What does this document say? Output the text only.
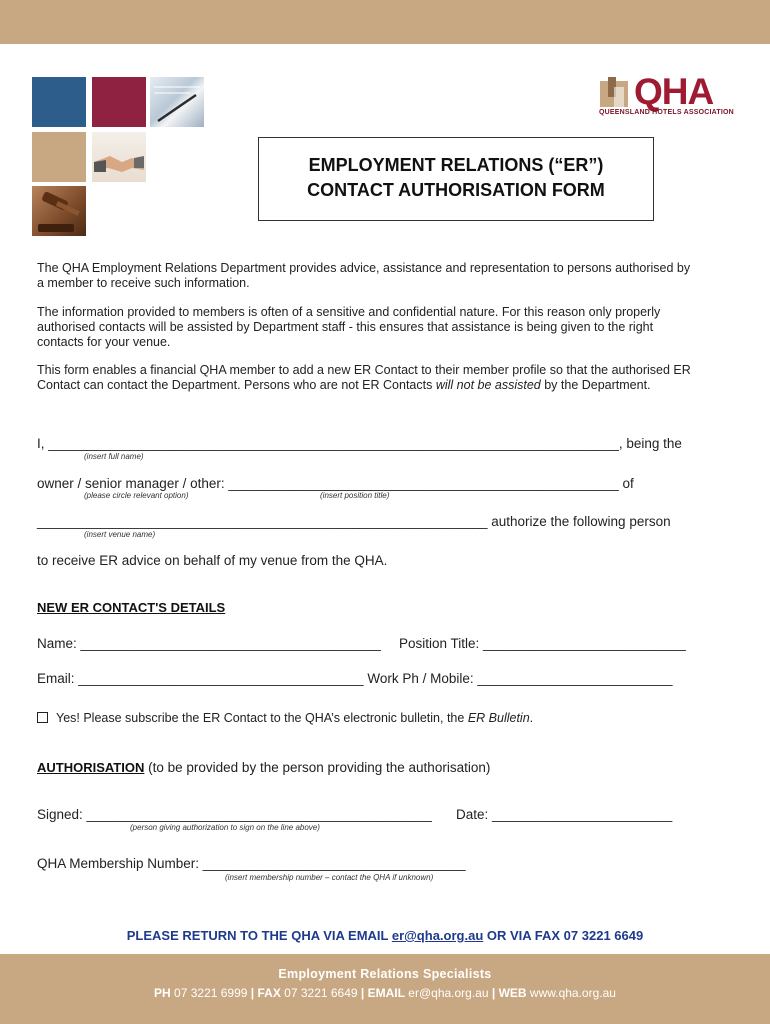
QHA
QUEENSLAND HOTELS ASSOCIATION
EMPLOYMENT RELATIONS (“ER”)
CONTACT AUTHORISATION FORM
The QHA Employment Relations Department provides advice, assistance and representation to persons authorised by a member to receive such information.
The information provided to members is often of a sensitive and confidential nature. For this reason only properly authorised contacts will be assisted by Department staff - this ensures that assistance is being given to the right contacts for your venue.
This form enables a financial QHA member to add a new ER Contact to their member profile so that the authorised ER Contact can contact the Department. Persons who are not ER Contacts will not be assisted by the Department.
I, ____________________________________________________________________________, being the
(insert full name)
owner / senior manager / other: ____________________________________________________ of
(please circle relevant option)	(insert position title)
____________________________________________________________ authorize the following person
(insert venue name)
to receive ER advice on behalf of my venue from the QHA.
NEW ER CONTACT'S DETAILS
Name: ________________________________________ Position Title: ___________________________
Email: ______________________________________ Work Ph / Mobile: __________________________
Yes! Please subscribe the ER Contact to the QHA’s electronic bulletin, the ER Bulletin.
AUTHORISATION (to be provided by the person providing the authorisation)
Signed: ______________________________________________ Date: ________________________
(person giving authorization to sign on the line above)
QHA Membership Number: ___________________________________
(insert membership number – contact the QHA if unknown)
PLEASE RETURN TO THE QHA VIA EMAIL er@qha.org.au OR VIA FAX 07 3221 6649
Employment Relations Specialists
PH 07 3221 6999 | FAX 07 3221 6649 | EMAIL er@qha.org.au | WEB www.qha.org.au
